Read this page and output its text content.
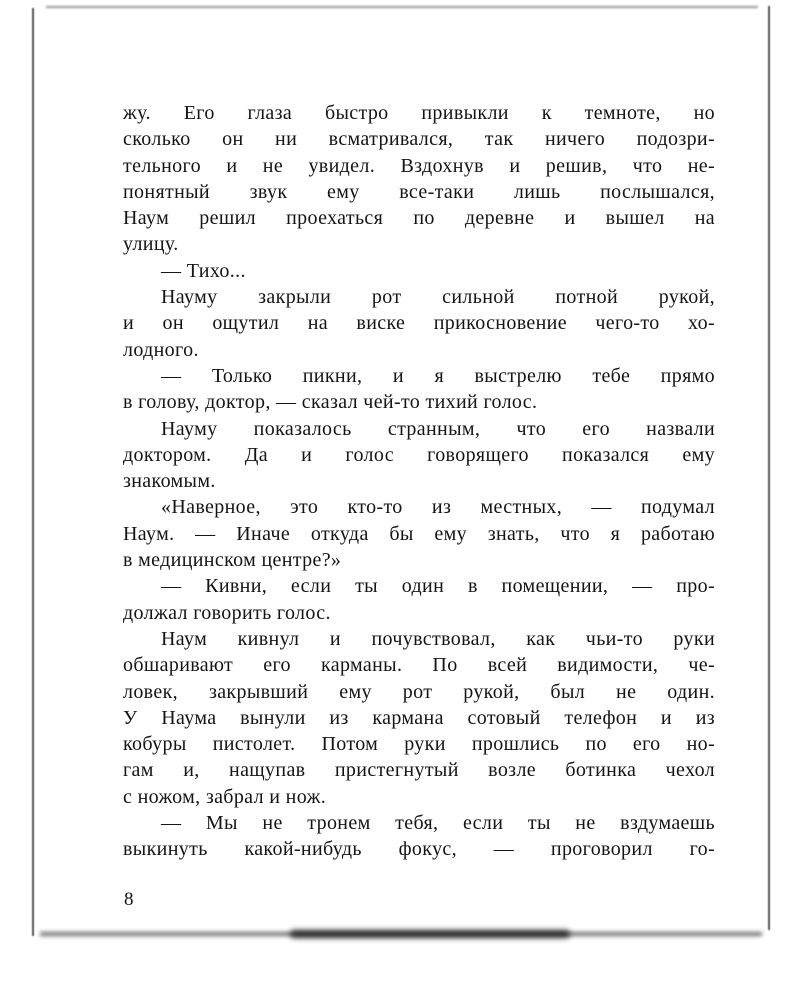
жу. Его глаза быстро привыкли к темноте, но
сколько он ни всматривался, так ничего подозри-
тельного и не увидел. Вздохнув и решив, что не-
понятный звук ему все-таки лишь послышался,
Наум решил проехаться по деревне и вышел на
улицу.
— Тихо...
Науму закрыли рот сильной потной рукой,
и он ощутил на виске прикосновение чего-то хо-
лодного.
— Только пикни, и я выстрелю тебе прямо
в голову, доктор, — сказал чей-то тихий голос.
Науму показалось странным, что его назвали
доктором. Да и голос говорящего показался ему
знакомым.
«Наверное, это кто-то из местных, — подумал
Наум. — Иначе откуда бы ему знать, что я работаю
в медицинском центре?»
— Кивни, если ты один в помещении, — про-
должал говорить голос.
Наум кивнул и почувствовал, как чьи-то руки
обшаривают его карманы. По всей видимости, че-
ловек, закрывший ему рот рукой, был не один.
У Наума вынули из кармана сотовый телефон и из
кобуры пистолет. Потом руки прошлись по его но-
гам и, нащупав пристегнутый возле ботинка чехол
с ножом, забрал и нож.
— Мы не тронем тебя, если ты не вздумаешь
выкинуть какой-нибудь фокус, — проговорил го-
8
